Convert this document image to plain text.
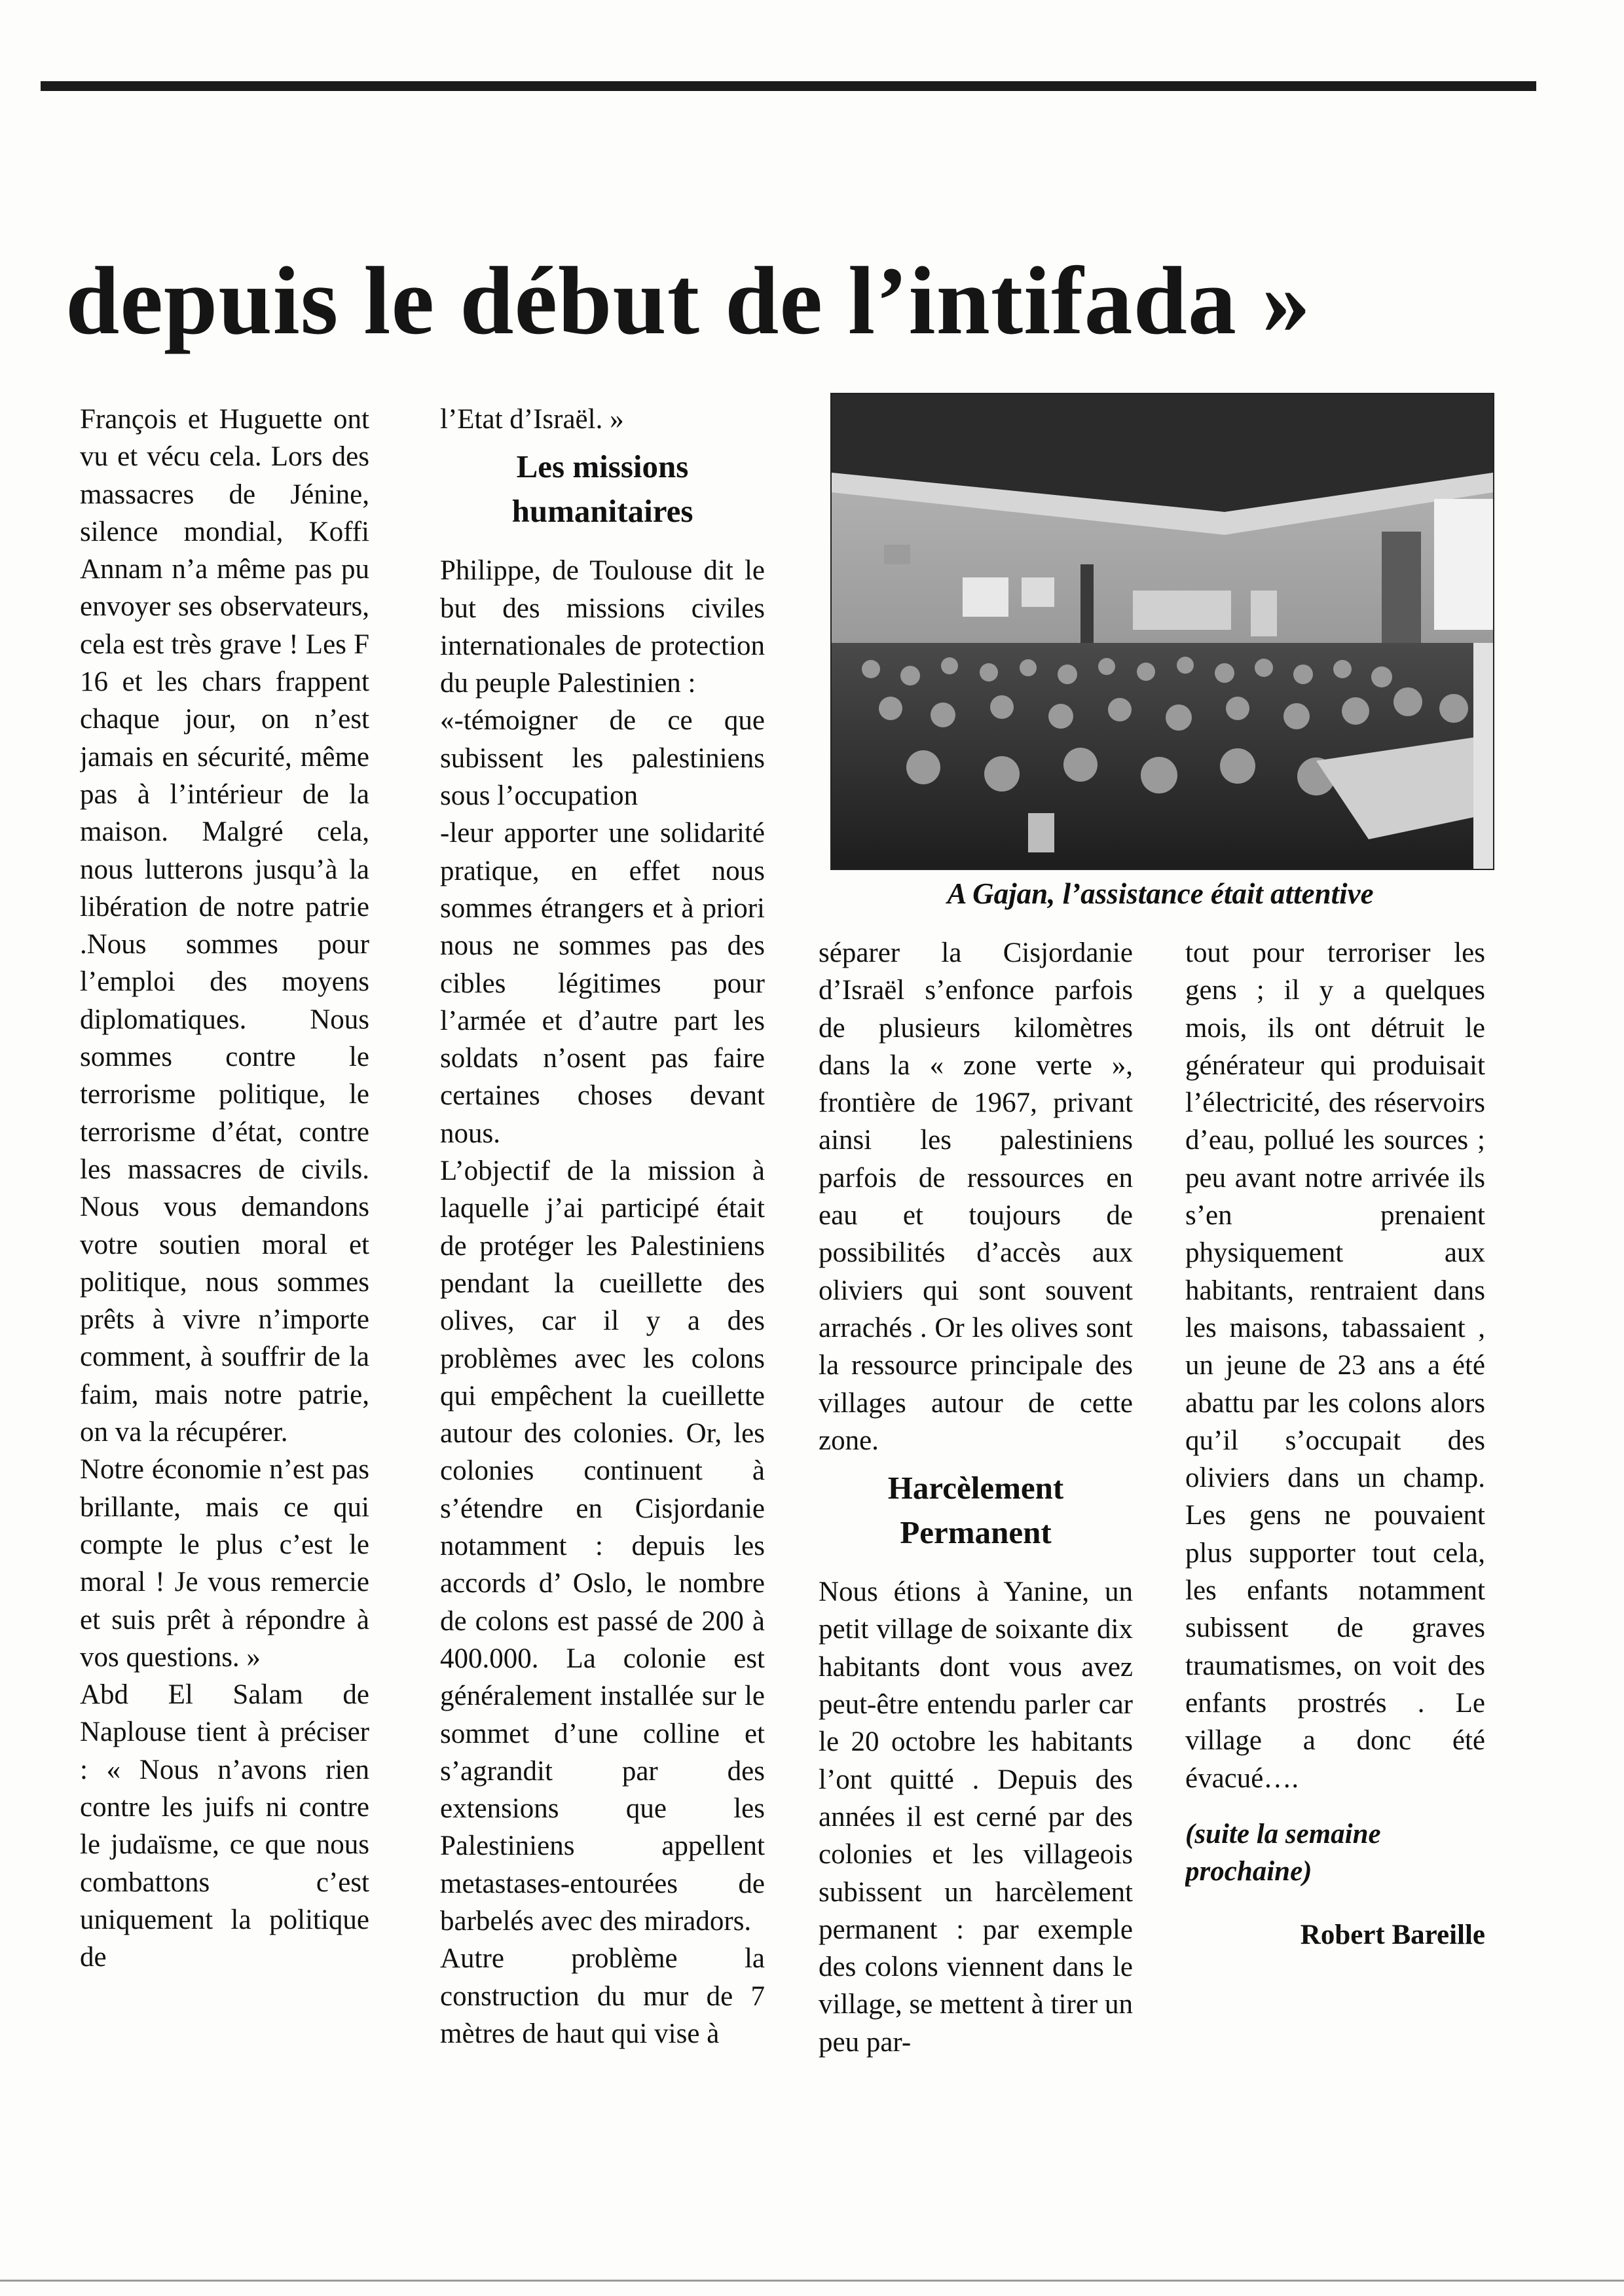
depuis le début de l’intifada »

François et Huguette ont vu et vécu cela. Lors des massacres de Jénine, silence mondial, Koffi Annam n’a même pas pu envoyer ses observateurs, cela est très grave ! Les F 16 et les chars frappent chaque jour, on n’est jamais en sécurité, même pas à l’intérieur de la maison. Malgré cela, nous lutterons jusqu’à la libération de notre patrie .Nous sommes pour l’emploi des moyens diplomatiques. Nous sommes contre le terrorisme politique, le terrorisme d’état, contre les massacres de civils. Nous vous demandons votre soutien moral et politique, nous sommes prêts à vivre n’importe comment, à souffrir de la faim, mais notre patrie, on va la récupérer.

Notre économie n’est pas brillante, mais ce qui compte le plus c’est le moral ! Je vous remercie et suis prêt à répondre à vos questions. »

Abd El Salam de Naplouse tient à préciser : « Nous n’avons rien contre les juifs ni contre le judaïsme, ce que nous combattons c’est uniquement la politique de

l’Etat d’Israël. »

Les missions humanitaires

Philippe, de Toulouse dit le but des missions civiles internationales de protection du peuple Palestinien :

«-témoigner de ce que subissent les palestiniens sous l’occupation

-leur apporter une solidarité pratique, en effet nous sommes étrangers et à priori nous ne sommes pas des cibles légitimes pour l’armée et d’autre part les soldats n’osent pas faire certaines choses devant nous.

L’objectif de la mission à laquelle j’ai participé était de protéger les Palestiniens pendant la cueillette des olives, car il y a des problèmes avec les colons qui empêchent la cueillette autour des colonies. Or, les colonies continuent à s’étendre en Cisjordanie notamment : depuis les accords d’ Oslo, le nombre de colons est passé de 200 à 400.000. La colonie est généralement installée sur le sommet d’une colline et s’agrandit par des extensions que les Palestiniens appellent metastases-entourées de barbelés avec des miradors.

Autre problème la construction du mur de 7 mètres de haut qui vise à

A Gajan, l’assistance était attentive

séparer la Cisjordanie d’Israël s’enfonce parfois de plusieurs kilomètres dans la « zone verte », frontière de 1967, privant ainsi les palestiniens parfois de ressources en eau et toujours de possibilités d’accès aux oliviers qui sont souvent arrachés . Or les olives sont la ressource principale des villages autour de cette zone.

Harcèlement Permanent

Nous étions à Yanine, un petit village de soixante dix habitants dont vous avez peut-être entendu parler car le 20 octobre les habitants l’ont quitté . Depuis des années il est cerné par des colonies et les villageois subissent un harcèlement permanent : par exemple des colons viennent dans le village, se mettent à tirer un peu par-

tout pour terroriser les gens ; il y a quelques mois, ils ont détruit le générateur qui produisait l’électricité, des réservoirs d’eau, pollué les sources ; peu avant notre arrivée ils s’en prenaient physiquement aux habitants, rentraient dans les maisons, tabassaient , un jeune de 23 ans a été abattu par les colons alors qu’il s’occupait des oliviers dans un champ. Les gens ne pouvaient plus supporter tout cela, les enfants notamment subissent de graves traumatismes, on voit des enfants prostrés . Le village a donc été évacué….

(suite la semaine prochaine)

Robert Bareille
